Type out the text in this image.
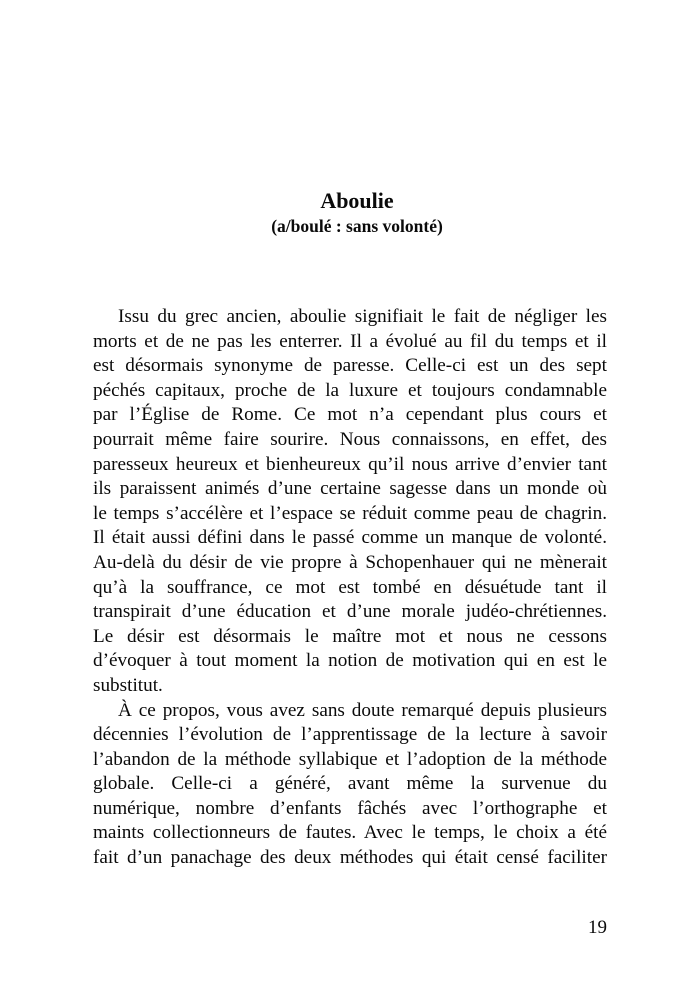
Aboulie
(a/boulé : sans volonté)
Issu du grec ancien, aboulie signifiait le fait de négliger les
morts et de ne pas les enterrer. Il a évolué au fil du temps et il
est désormais synonyme de paresse. Celle-ci est un des sept
péchés capitaux, proche de la luxure et toujours condamnable
par l’Église de Rome. Ce mot n’a cependant plus cours et
pourrait même faire sourire. Nous connaissons, en effet, des
paresseux heureux et bienheureux qu’il nous arrive d’envier tant
ils paraissent animés d’une certaine sagesse dans un monde où
le temps s’accélère et l’espace se réduit comme peau de chagrin.
Il était aussi défini dans le passé comme un manque de volonté.
Au-delà du désir de vie propre à Schopenhauer qui ne mènerait
qu’à la souffrance, ce mot est tombé en désuétude tant il
transpirait d’une éducation et d’une morale judéo-chrétiennes.
Le désir est désormais le maître mot et nous ne cessons
d’évoquer à tout moment la notion de motivation qui en est le
substitut.
À ce propos, vous avez sans doute remarqué depuis plusieurs
décennies l’évolution de l’apprentissage de la lecture à savoir
l’abandon de la méthode syllabique et l’adoption de la méthode
globale. Celle-ci a généré, avant même la survenue du
numérique, nombre d’enfants fâchés avec l’orthographe et
maints collectionneurs de fautes. Avec le temps, le choix a été
fait d’un panachage des deux méthodes qui était censé faciliter
19
